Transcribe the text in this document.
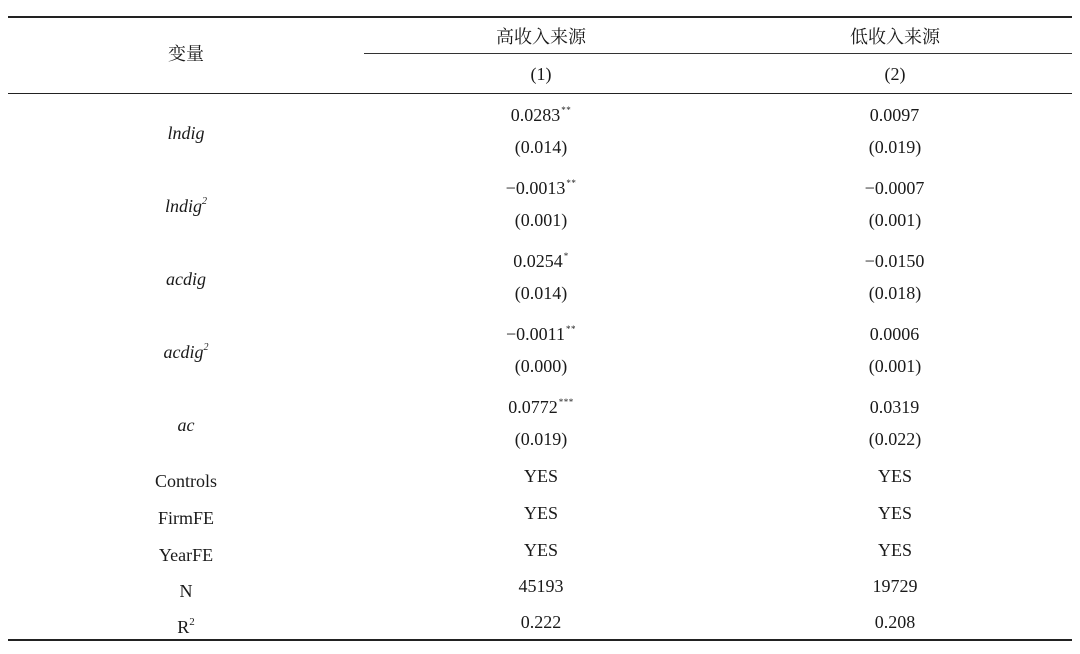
变量
高收入来源	低收入来源
(1)	(2)
lndig
0.0283**	0.0097
(0.014)	(0.019)
lndig$^2$
−0.0013**	−0.0007
(0.001)	(0.001)
acdig
0.0254*	−0.0150
(0.014)	(0.018)
acdig$^2$
−0.0011**	0.0006
(0.000)	(0.001)
ac
0.0772***	0.0319
(0.019)	(0.022)
Controls	YES	YES
FirmFE	YES	YES
YearFE	YES	YES
N	45193	19729
$R^2$	0.222	0.208
